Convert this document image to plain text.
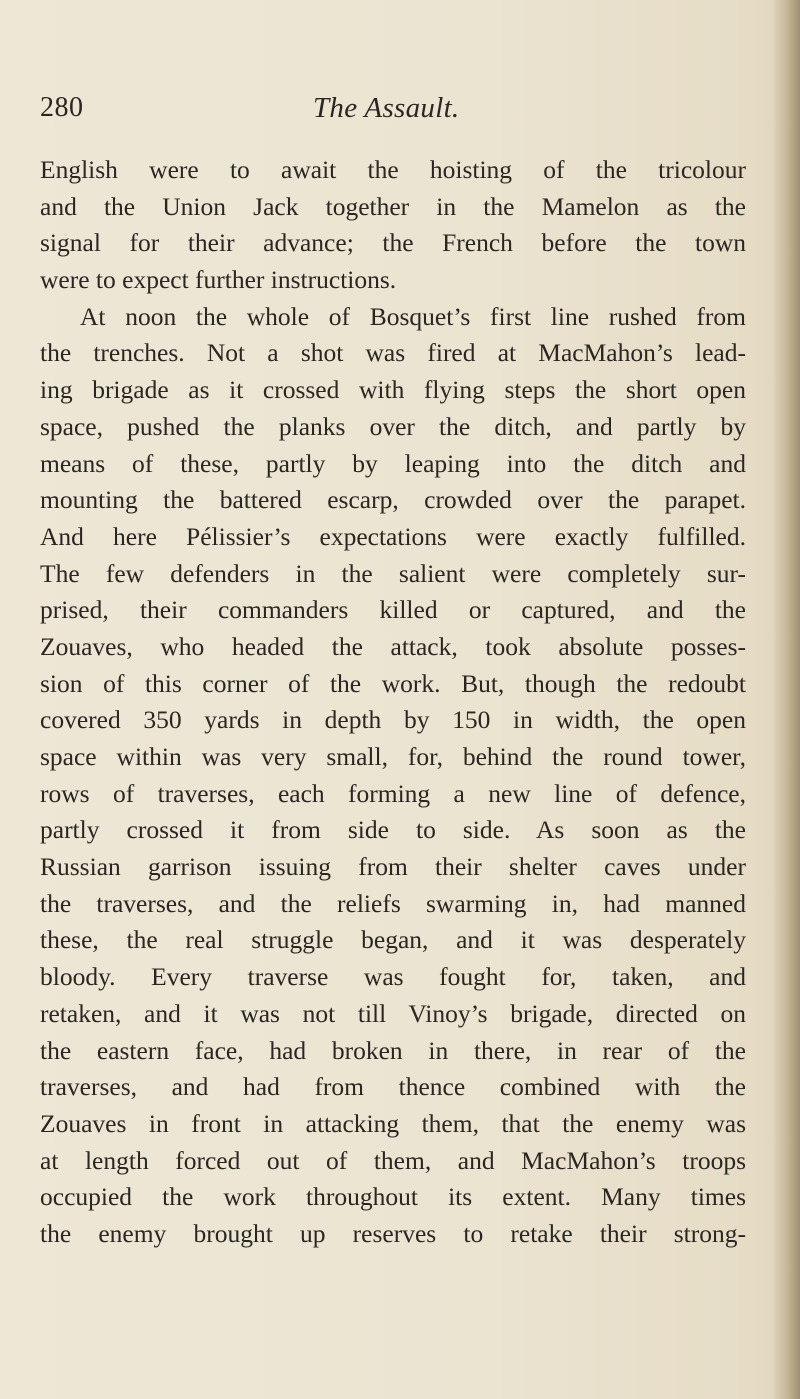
280	The Assault.
English were to await the hoisting of the tricolour
and the Union Jack together in the Mamelon as the
signal for their advance; the French before the town
were to expect further instructions.
At noon the whole of Bosquet’s first line rushed from
the trenches. Not a shot was fired at MacMahon’s lead-
ing brigade as it crossed with flying steps the short open
space, pushed the planks over the ditch, and partly by
means of these, partly by leaping into the ditch and
mounting the battered escarp, crowded over the parapet.
And here Pélissier’s expectations were exactly fulfilled.
The few defenders in the salient were completely sur-
prised, their commanders killed or captured, and the
Zouaves, who headed the attack, took absolute posses-
sion of this corner of the work. But, though the redoubt
covered 350 yards in depth by 150 in width, the open
space within was very small, for, behind the round tower,
rows of traverses, each forming a new line of defence,
partly crossed it from side to side. As soon as the
Russian garrison issuing from their shelter caves under
the traverses, and the reliefs swarming in, had manned
these, the real struggle began, and it was desperately
bloody. Every traverse was fought for, taken, and
retaken, and it was not till Vinoy’s brigade, directed on
the eastern face, had broken in there, in rear of the
traverses, and had from thence combined with the
Zouaves in front in attacking them, that the enemy was
at length forced out of them, and MacMahon’s troops
occupied the work throughout its extent. Many times
the enemy brought up reserves to retake their strong-
